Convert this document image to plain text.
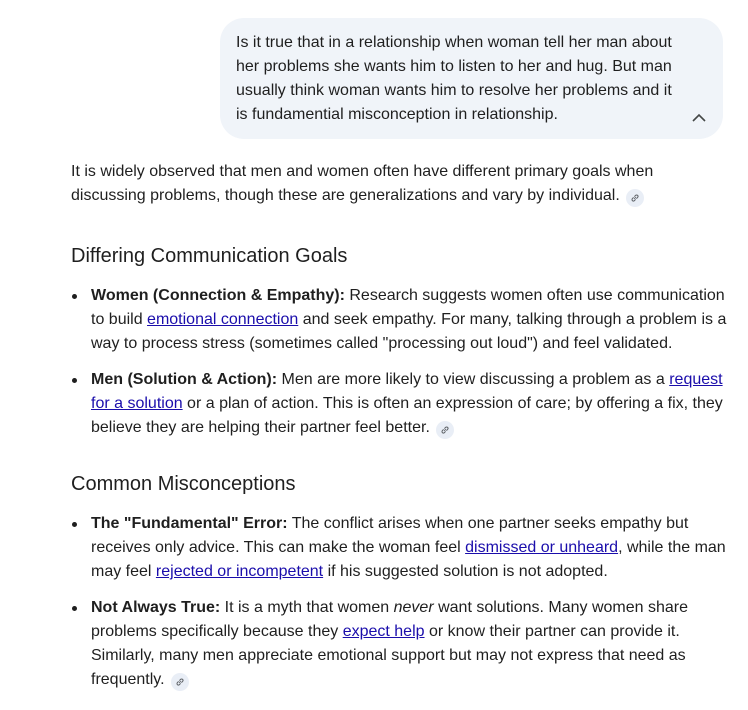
Is it true that in a relationship when woman tell her man about her problems she wants him to listen to her and hug. But man usually think woman wants him to resolve her problems and it is fundamential misconception in relationship.

It is widely observed that men and women often have different primary goals when discussing problems, though these are generalizations and vary by individual.

Differing Communication Goals
Women (Connection & Empathy): Research suggests women often use communication to build emotional connection and seek empathy. For many, talking through a problem is a way to process stress (sometimes called "processing out loud") and feel validated.
Men (Solution & Action): Men are more likely to view discussing a problem as a request for a solution or a plan of action. This is often an expression of care; by offering a fix, they believe they are helping their partner feel better.
Common Misconceptions
The "Fundamental" Error: The conflict arises when one partner seeks empathy but receives only advice. This can make the woman feel dismissed or unheard, while the man may feel rejected or incompetent if his suggested solution is not adopted.
Not Always True: It is a myth that women never want solutions. Many women share problems specifically because they expect help or know their partner can provide it. Similarly, many men appreciate emotional support but may not express that need as frequently.
